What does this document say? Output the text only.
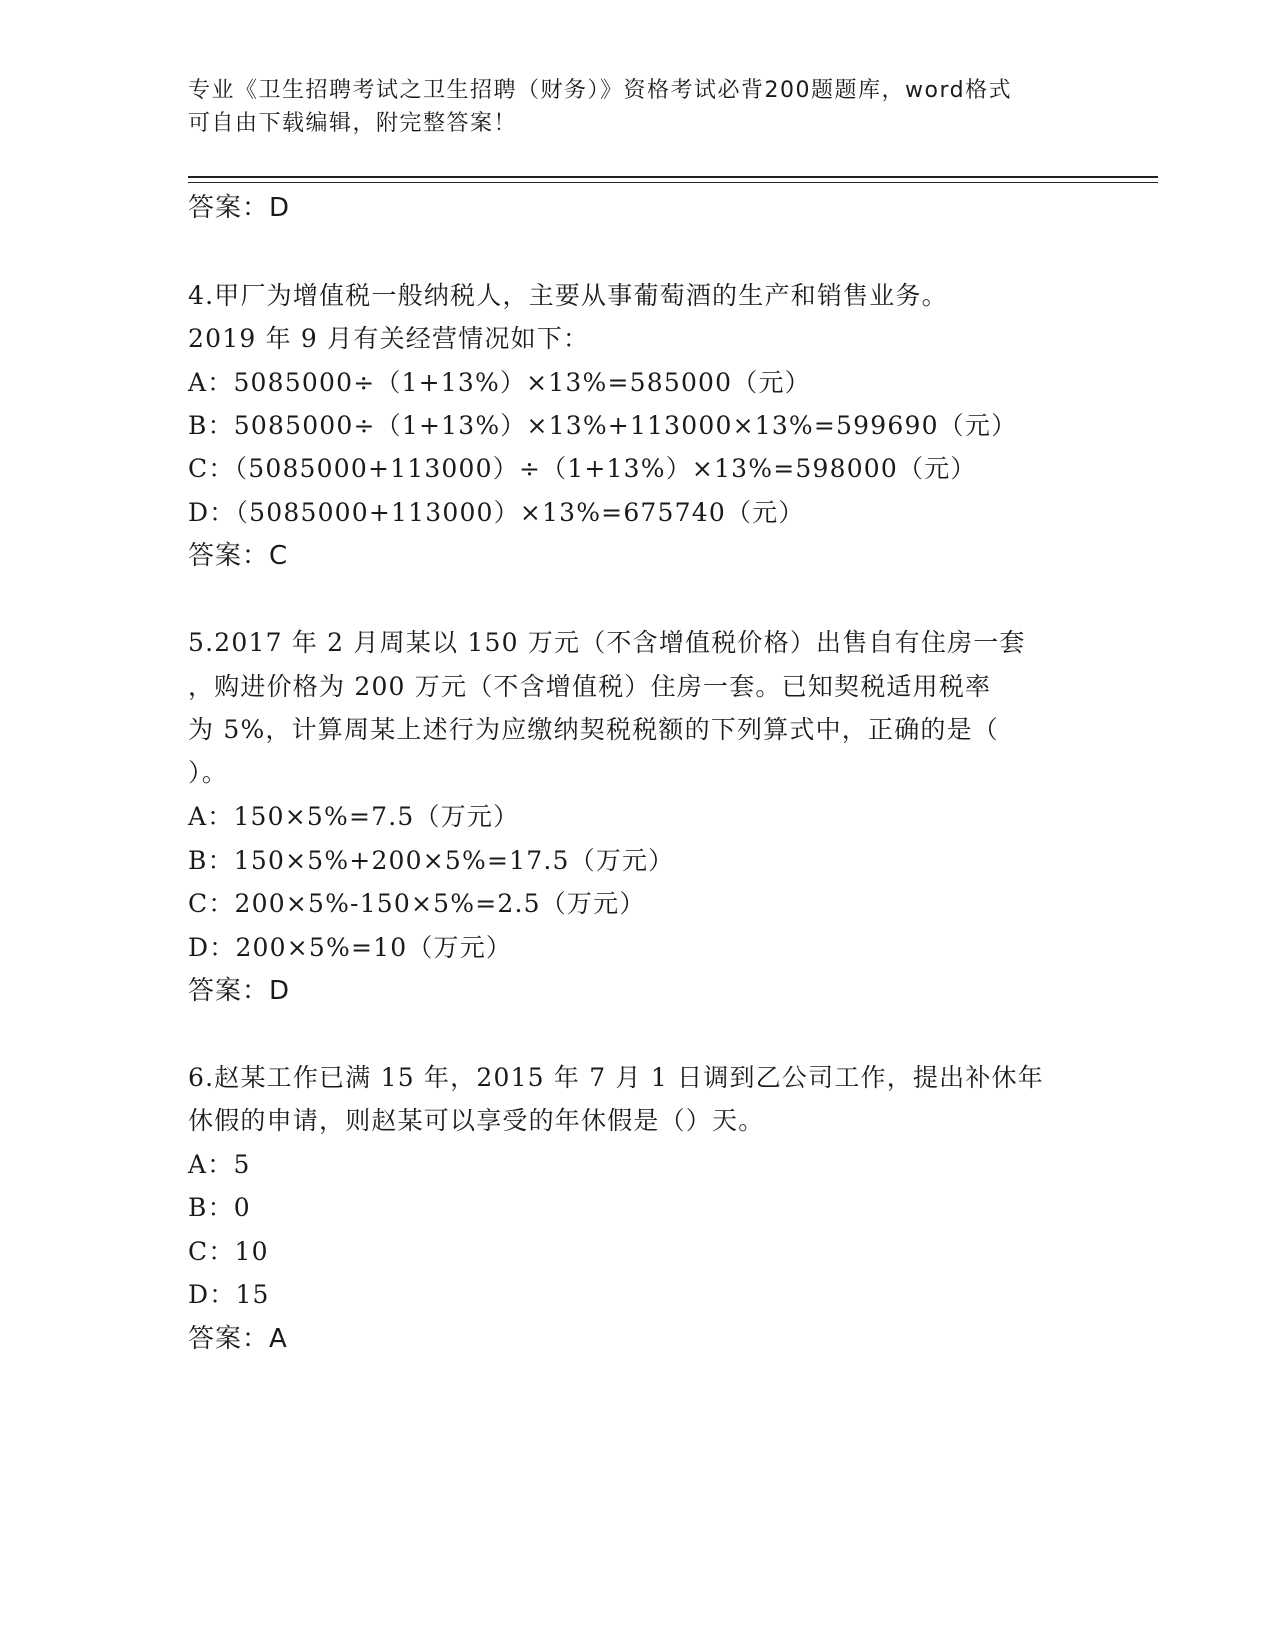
专业《卫生招聘考试之卫生招聘（财务）》资格考试必背200题题库，word格式
可自由下载编辑，附完整答案！
答案：D
4.甲厂为增值税一般纳税人，主要从事葡萄酒的生产和销售业务。
2019 年 9 月有关经营情况如下：
A：5085000÷（1+13%）×13%=585000（元）
B：5085000÷（1+13%）×13%+113000×13%=599690（元）
C：（5085000+113000）÷（1+13%）×13%=598000（元）
D：（5085000+113000）×13%=675740（元）
答案：C
5.2017 年 2 月周某以 150 万元（不含增值税价格）出售自有住房一套
，购进价格为 200 万元（不含增值税）住房一套。已知契税适用税率
为 5%，计算周某上述行为应缴纳契税税额的下列算式中，正确的是（
）。
A：150×5%=7.5（万元）
B：150×5%+200×5%=17.5（万元）
C：200×5%-150×5%=2.5（万元）
D：200×5%=10（万元）
答案：D
6.赵某工作已满 15 年，2015 年 7 月 1 日调到乙公司工作，提出补休年
休假的申请，则赵某可以享受的年休假是（）天。
A：5
B：0
C：10
D：15
答案：A
